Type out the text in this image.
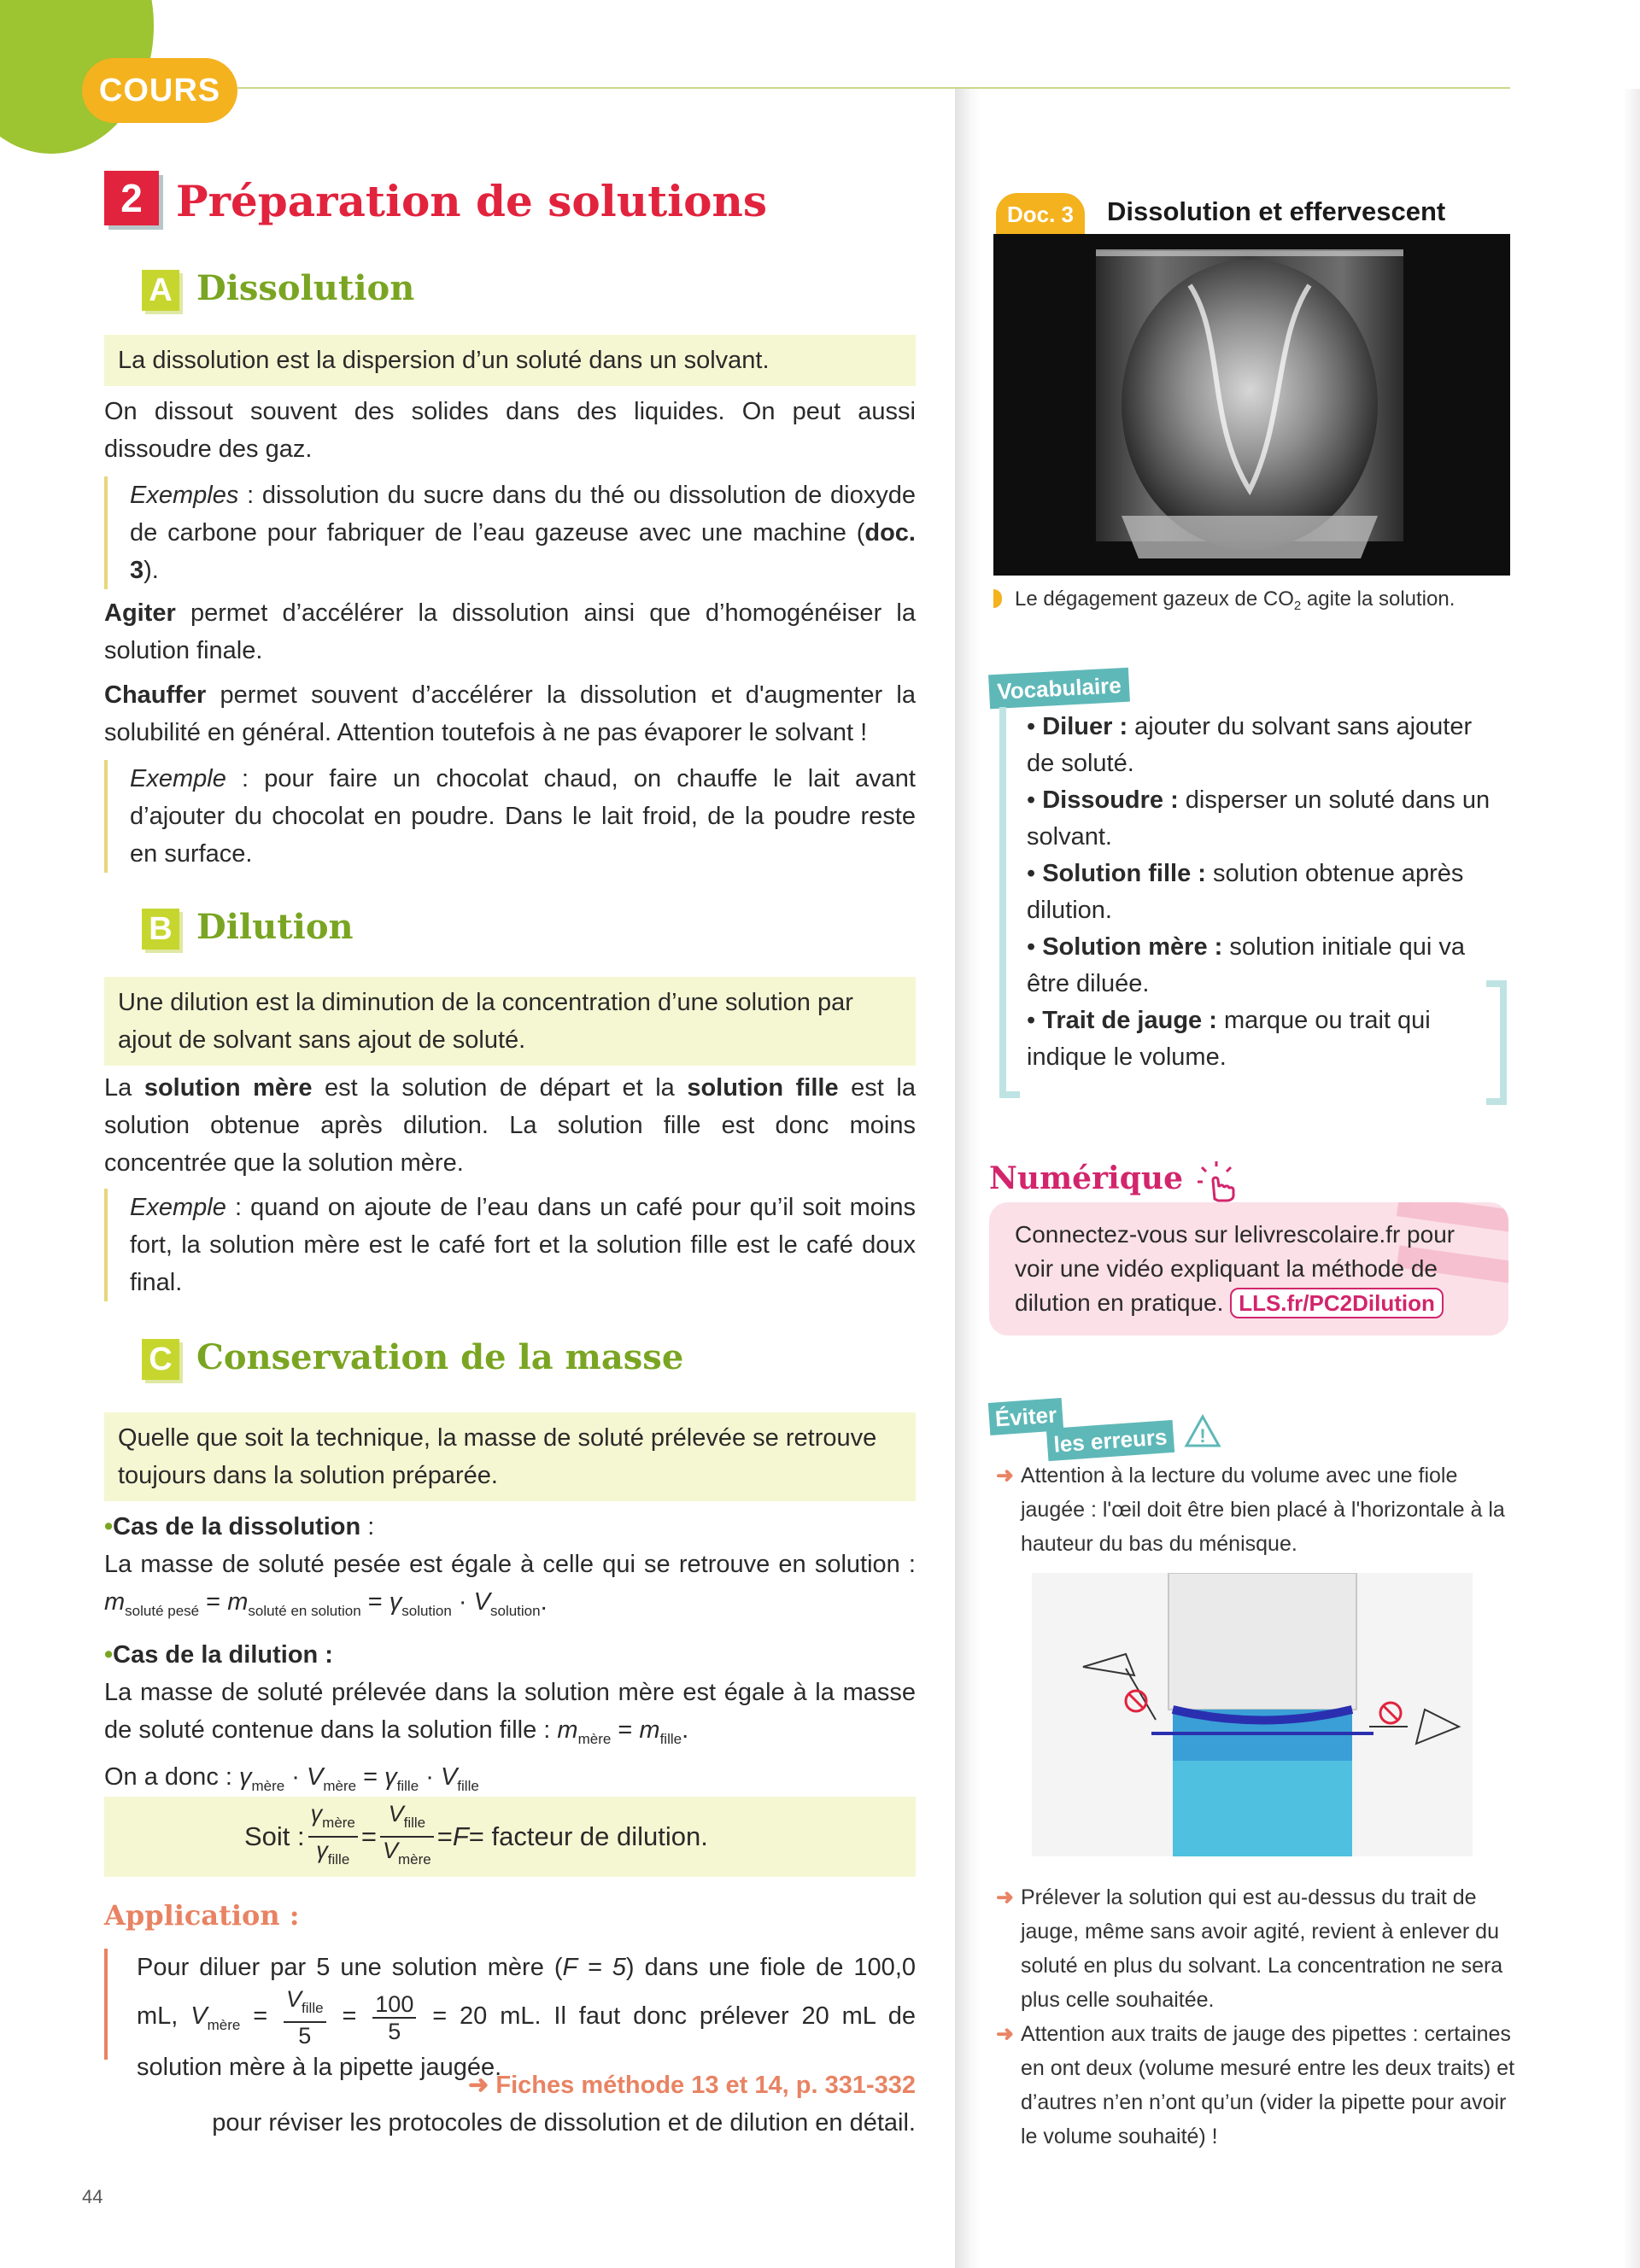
COURS
2 Préparation de solutions
A Dissolution
La dissolution est la dispersion d’un soluté dans un solvant.
On dissout souvent des solides dans des liquides. On peut aussi dissoudre des gaz.
Exemples : dissolution du sucre dans du thé ou dissolution de dioxyde de carbone pour fabriquer de l’eau gazeuse avec une machine (doc. 3).
Agiter permet d’accélérer la dissolution ainsi que d’homogénéiser la solution finale.
Chauffer permet souvent d’accélérer la dissolution et d'augmenter la solubilité en général. Attention toutefois à ne pas évaporer le solvant !
Exemple : pour faire un chocolat chaud, on chauffe le lait avant d’ajouter du chocolat en poudre. Dans le lait froid, de la poudre reste en surface.
B Dilution
Une dilution est la diminution de la concentration d’une solution par ajout de solvant sans ajout de soluté.
La solution mère est la solution de départ et la solution fille est la solution obtenue après dilution. La solution fille est donc moins concentrée que la solution mère.
Exemple : quand on ajoute de l’eau dans un café pour qu’il soit moins fort, la solution mère est le café fort et la solution fille est le café doux final.
C Conservation de la masse
Quelle que soit la technique, la masse de soluté prélevée se retrouve toujours dans la solution préparée.
•Cas de la dissolution :
La masse de soluté pesée est égale à celle qui se retrouve en solution : $m_{soluté pesé} = m_{soluté en solution} = \gamma_{solution} \cdot V_{solution}$.
•Cas de la dilution :
La masse de soluté prélevée dans la solution mère est égale à la masse de soluté contenue dans la solution fille : $m_{mère} = m_{fille}$.
On a donc : $\gamma_{mère} \cdot V_{mère} = \gamma_{fille} \cdot V_{fille}$
Soit : $\frac{\gamma_{mère}}{\gamma_{fille}} = \frac{V_{fille}}{V_{mère}} = F$ = facteur de dilution.
Application :
Pour diluer par 5 une solution mère (F = 5) dans une fiole de 100,0 mL, $V_{mère} = \frac{V_{fille}}{5} = \frac{100}{5} = 20$ mL. Il faut donc prélever 20 mL de solution mère à la pipette jaugée.
➜ Fiches méthode 13 et 14, p. 331-332
pour réviser les protocoles de dissolution et de dilution en détail.
44
Doc. 3	Dissolution et effervescent
Le dégagement gazeux de $CO_2$ agite la solution.
Vocabulaire
• Diluer : ajouter du solvant sans ajouter de soluté.
• Dissoudre : disperser un soluté dans un solvant.
• Solution fille : solution obtenue après dilution.
• Solution mère : solution initiale qui va être diluée.
• Trait de jauge : marque ou trait qui indique le volume.
Numérique
Connectez-vous sur lelivrescolaire.fr pour voir une vidéo expliquant la méthode de dilution en pratique. LLS.fr/PC2Dilution
Éviter
les erreurs	!
➜ Attention à la lecture du volume avec une fiole jaugée : l'œil doit être bien placé à l'horizontale à la hauteur du bas du ménisque.
➜ Prélever la solution qui est au-dessus du trait de jauge, même sans avoir agité, revient à enlever du soluté en plus du solvant. La concentration ne sera plus celle souhaitée.
➜ Attention aux traits de jauge des pipettes : certaines en ont deux (volume mesuré entre les deux traits) et d’autres n’en n’ont qu’un (vider la pipette pour avoir le volume souhaité) !
